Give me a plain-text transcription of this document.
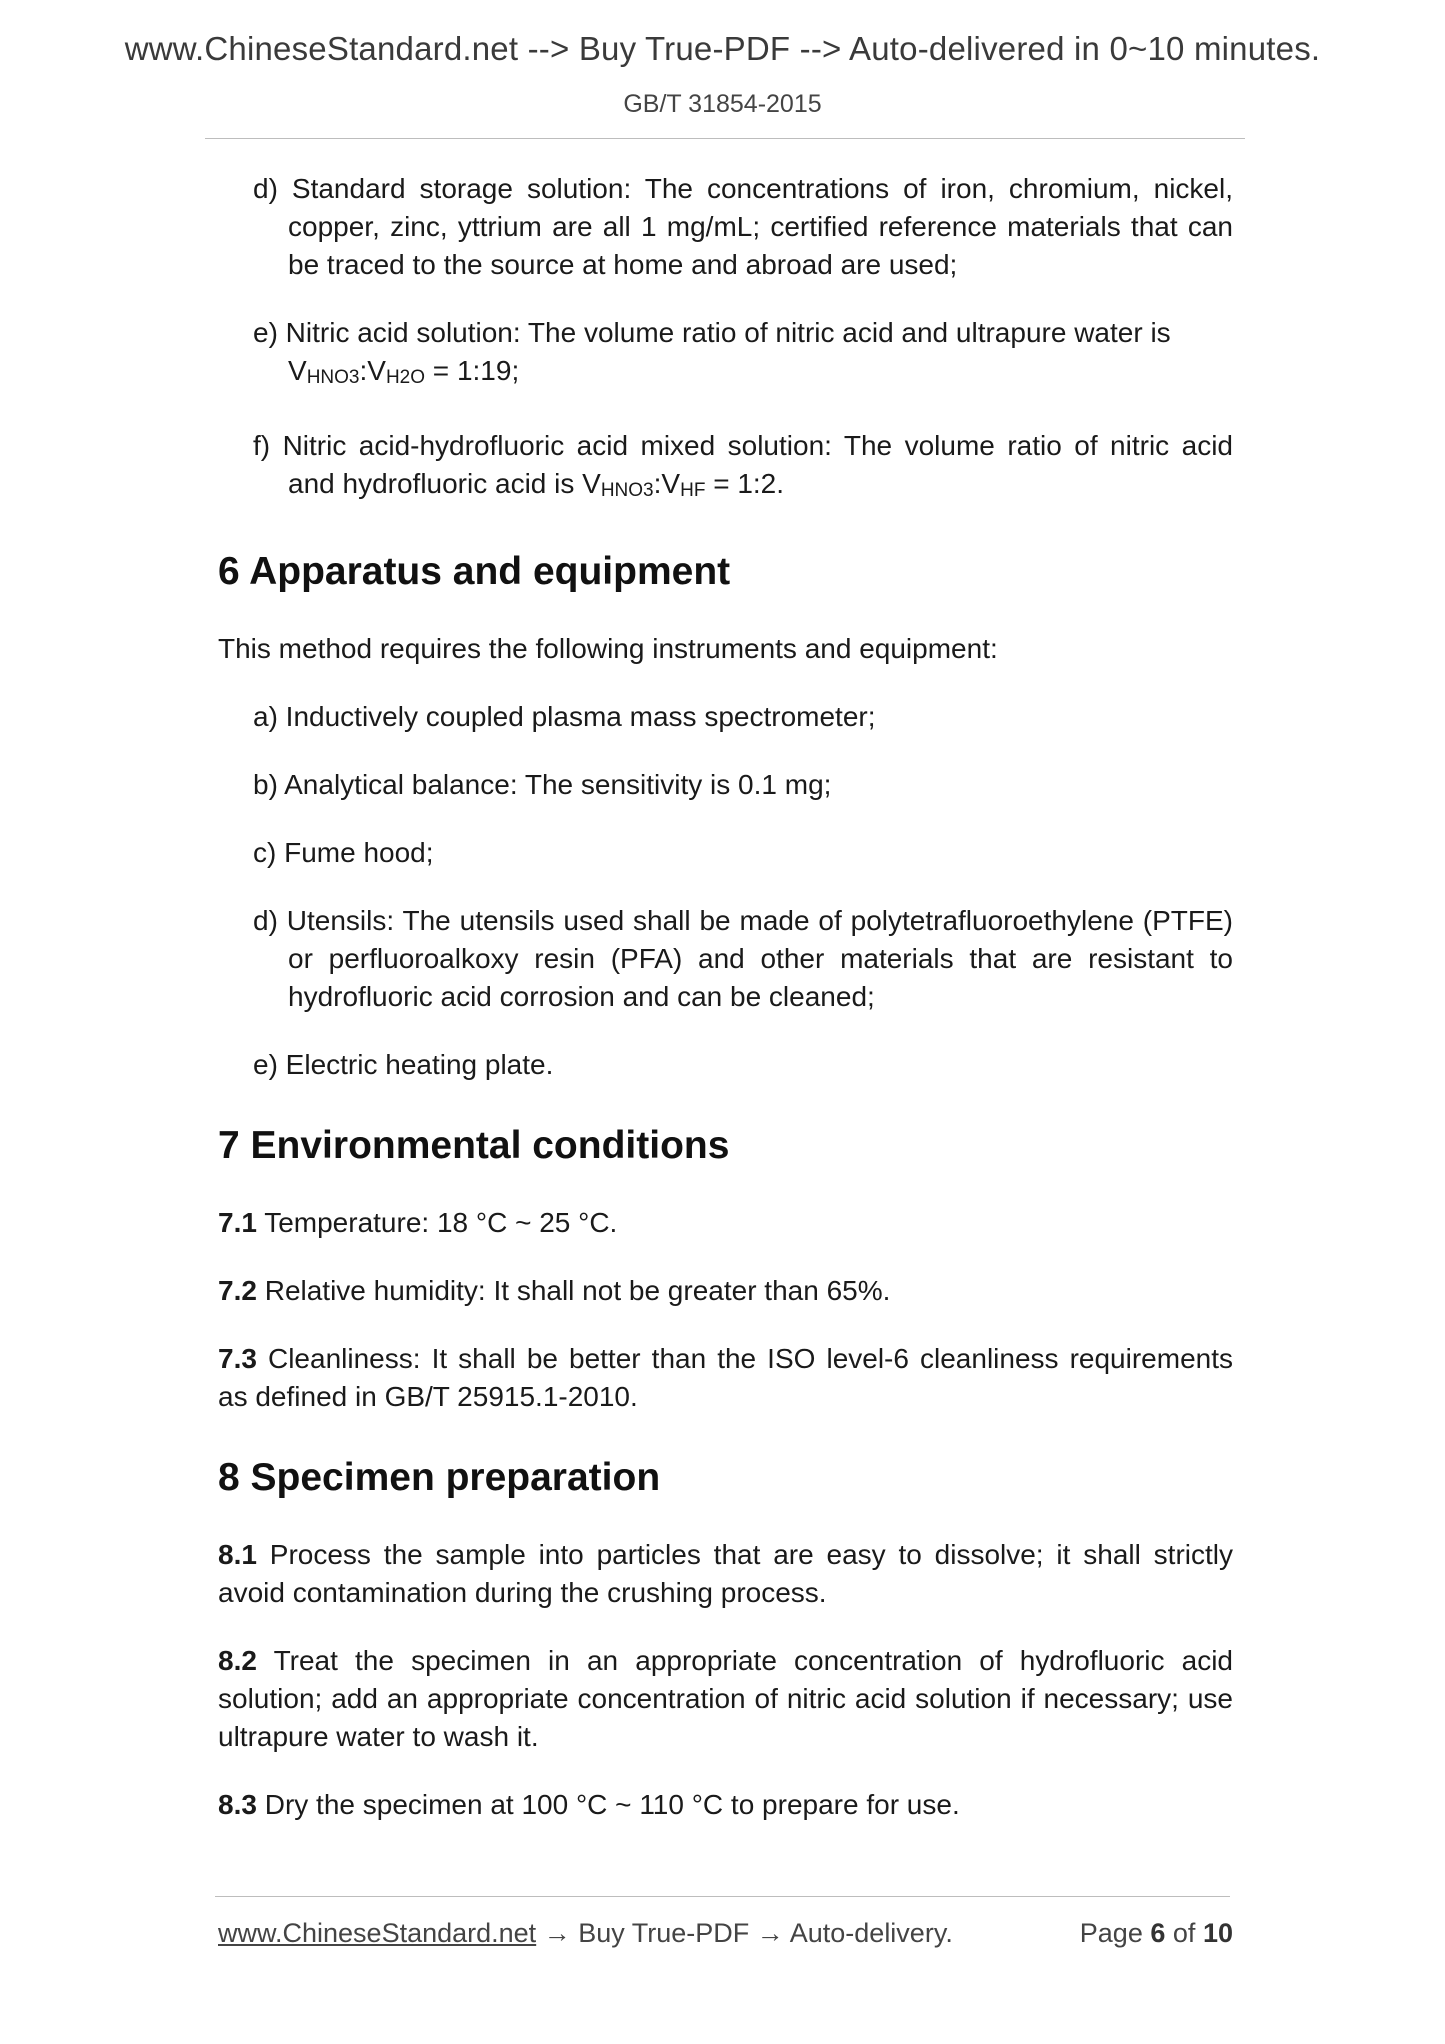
www.ChineseStandard.net --> Buy True-PDF --> Auto-delivered in 0~10 minutes.
GB/T 31854-2015
d) Standard storage solution: The concentrations of iron, chromium, nickel, copper, zinc, yttrium are all 1 mg/mL; certified reference materials that can be traced to the source at home and abroad are used;
e) Nitric acid solution: The volume ratio of nitric acid and ultrapure water is
VHNO3:VH2O = 1:19;
f) Nitric acid-hydrofluoric acid mixed solution: The volume ratio of nitric acid and hydrofluoric acid is VHNO3:VHF = 1:2.
6 Apparatus and equipment
This method requires the following instruments and equipment:
a) Inductively coupled plasma mass spectrometer;
b) Analytical balance: The sensitivity is 0.1 mg;
c) Fume hood;
d) Utensils: The utensils used shall be made of polytetrafluoroethylene (PTFE) or perfluoroalkoxy resin (PFA) and other materials that are resistant to hydrofluoric acid corrosion and can be cleaned;
e) Electric heating plate.
7 Environmental conditions
7.1 Temperature: 18 °C ~ 25 °C.
7.2 Relative humidity: It shall not be greater than 65%.
7.3 Cleanliness: It shall be better than the ISO level-6 cleanliness requirements as defined in GB/T 25915.1-2010.
8 Specimen preparation
8.1 Process the sample into particles that are easy to dissolve; it shall strictly avoid contamination during the crushing process.
8.2 Treat the specimen in an appropriate concentration of hydrofluoric acid solution; add an appropriate concentration of nitric acid solution if necessary; use ultrapure water to wash it.
8.3 Dry the specimen at 100 °C ~ 110 °C to prepare for use.
www.ChineseStandard.net → Buy True-PDF → Auto-delivery.	Page 6 of 10
